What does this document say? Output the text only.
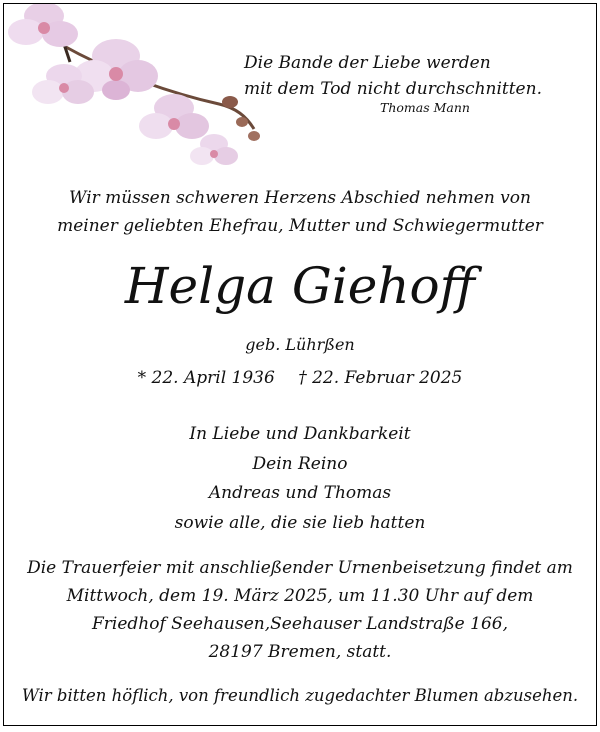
Die Bande der Liebe werden
mit dem Tod nicht durchschnitten.
Thomas Mann
Wir müssen schweren Herzens Abschied nehmen von
meiner geliebten Ehefrau, Mutter und Schwiegermutter
Helga Giehoff
geb. Lührßen
* 22. April 1936 † 22. Februar 2025
In Liebe und Dankbarkeit
Dein Reino
Andreas und Thomas
sowie alle, die sie lieb hatten
Die Trauerfeier mit anschließender Urnenbeisetzung findet am
Mittwoch, dem 19. März 2025, um 11.30 Uhr auf dem
Friedhof Seehausen,Seehauser Landstraße 166,
28197 Bremen, statt.
Wir bitten höflich, von freundlich zugedachter Blumen abzusehen.
